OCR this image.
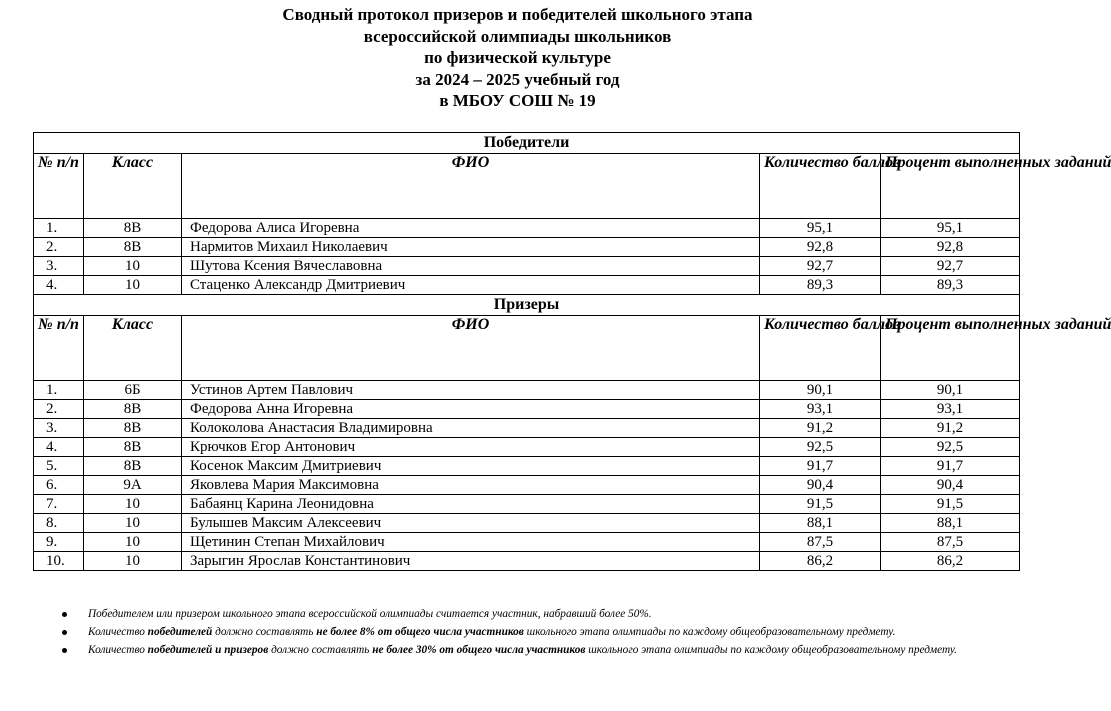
Сводный протокол призеров и победителей школьного этапа
всероссийской олимпиады школьников
по физической культуре
за 2024 – 2025 учебный год
в МБОУ СОШ № 19
Победители				
№ п/п	Класс	ФИО	Количество баллов	Процент выполненных заданий
1.	8В	Федорова Алиса Игоревна	95,1	95,1
2.	8В	Нармитов Михаил Николаевич	92,8	92,8
3.	10	Шутова Ксения Вячеславовна	92,7	92,7
4.	10	Стаценко Александр Дмитриевич	89,3	89,3
Призеры				
№ п/п	Класс	ФИО	Количество баллов	Процент выполненных заданий
1.	6Б	Устинов Артем Павлович	90,1	90,1
2.	8В	Федорова Анна Игоревна	93,1	93,1
3.	8В	Колоколова Анастасия Владимировна	91,2	91,2
4.	8В	Крючков Егор Антонович	92,5	92,5
5.	8В	Косенок Максим Дмитриевич	91,7	91,7
6.	9А	Яковлева Мария Максимовна	90,4	90,4
7.	10	Бабаянц Карина Леонидовна	91,5	91,5
8.	10	Булышев Максим Алексеевич	88,1	88,1
9.	10	Щетинин Степан Михайлович	87,5	87,5
10.	10	Зарыгин Ярослав Константинович	86,2	86,2
Победителем или призером школьного этапа всероссийской олимпиады считается участник, набравший более 50%.
Количество победителей должно составлять не более 8% от общего числа участников школьного этапа олимпиады по каждому общеобразовательному предмету.
Количество победителей и призеров должно составлять не более 30% от общего числа участников школьного этапа олимпиады по каждому общеобразовательному предмету.
